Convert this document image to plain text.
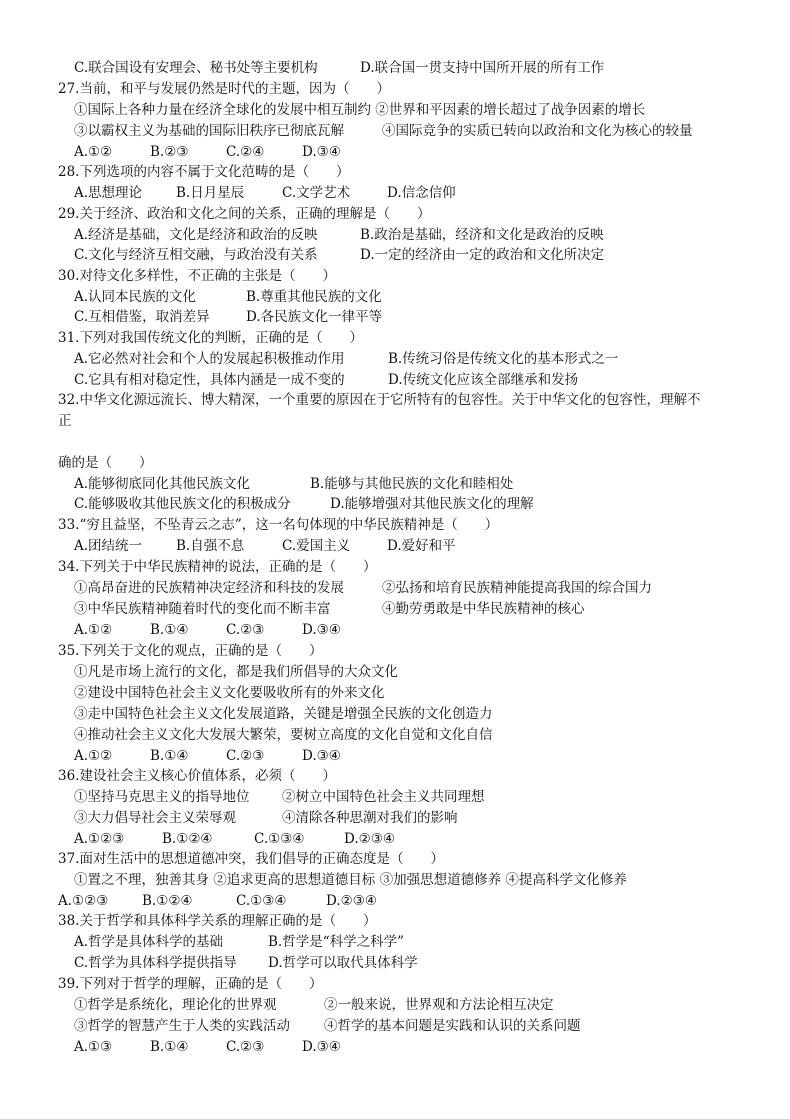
C.联合国设有安理会、秘书处等主要机构	D.联合国一贯支持中国所开展的所有工作
27.当前，和平与发展仍然是时代的主题，因为（　　）
①国际上各种力量在经济全球化的发展中相互制约 ②世界和平因素的增长超过了战争因素的增长
③以霸权主义为基础的国际旧秩序已彻底瓦解	④国际竞争的实质已转向以政治和文化为核心的较量
A.①②	B.②③	C.②④	D.③④
28.下列选项的内容不属于文化范畴的是（　　）
A.思想理论	B.日月星辰	C.文学艺术	D.信念信仰
29.关于经济、政治和文化之间的关系，正确的理解是（　　）
A.经济是基础，文化是经济和政治的反映	B.政治是基础，经济和文化是政治的反映
C.文化与经济互相交融，与政治没有关系	D.一定的经济由一定的政治和文化所决定
30.对待文化多样性，不正确的主张是（　　）
A.认同本民族的文化	B.尊重其他民族的文化
C.互相借鉴，取消差异	D.各民族文化一律平等
31.下列对我国传统文化的判断，正确的是（　　）
A.它必然对社会和个人的发展起积极推动作用	B.传统习俗是传统文化的基本形式之一
C.它具有相对稳定性，具体内涵是一成不变的	D.传统文化应该全部继承和发扬
32.中华文化源远流长、博大精深，一个重要的原因在于它所特有的包容性。关于中华文化的包容性，理解不
正
确的是（　　）
A.能够彻底同化其他民族文化	B.能够与其他民族的文化和睦相处
C.能够吸收其他民族文化的积极成分	D.能够增强对其他民族文化的理解
33.“穷且益坚，不坠青云之志”，这一名句体现的中华民族精神是（　　）
A.团结统一	B.自强不息	C.爱国主义	D.爱好和平
34.下列关于中华民族精神的说法，正确的是（　　）
①高昂奋进的民族精神决定经济和科技的发展	②弘扬和培育民族精神能提高我国的综合国力
③中华民族精神随着时代的变化而不断丰富	④勤劳勇敢是中华民族精神的核心
A.①②	B.①④	C.②③	D.③④
35.下列关于文化的观点，正确的是（　　）
①凡是市场上流行的文化，都是我们所倡导的大众文化
②建设中国特色社会主义文化要吸收所有的外来文化
③走中国特色社会主义文化发展道路，关键是增强全民族的文化创造力
④推动社会主义文化大发展大繁荣，要树立高度的文化自觉和文化自信
A.①②	B.①④	C.②③	D.③④
36.建设社会主义核心价值体系，必须（　　）
①坚持马克思主义的指导地位 ②树立中国特色社会主义共同理想
③大力倡导社会主义荣辱观	④清除各种思潮对我们的影响
A.①②③	B.①②④	C.①③④	D.②③④
37.面对生活中的思想道德冲突，我们倡导的正确态度是（　　）
①置之不理，独善其身 ②追求更高的思想道德目标 ③加强思想道德修养 ④提高科学文化修养
A.①②③ B.①②④	C.①③④	D.②③④
38.关于哲学和具体科学关系的理解正确的是（　　）
A.哲学是具体科学的基础	B.哲学是“科学之科学”
C.哲学为具体科学提供指导 D.哲学可以取代具体科学
39.下列对于哲学的理解，正确的是（　　）
①哲学是系统化，理论化的世界观	②一般来说，世界观和方法论相互决定
③哲学的智慧产生于人类的实践活动	④哲学的基本问题是实践和认识的关系问题
A.①③	B.①④	C.②③	D.③④
